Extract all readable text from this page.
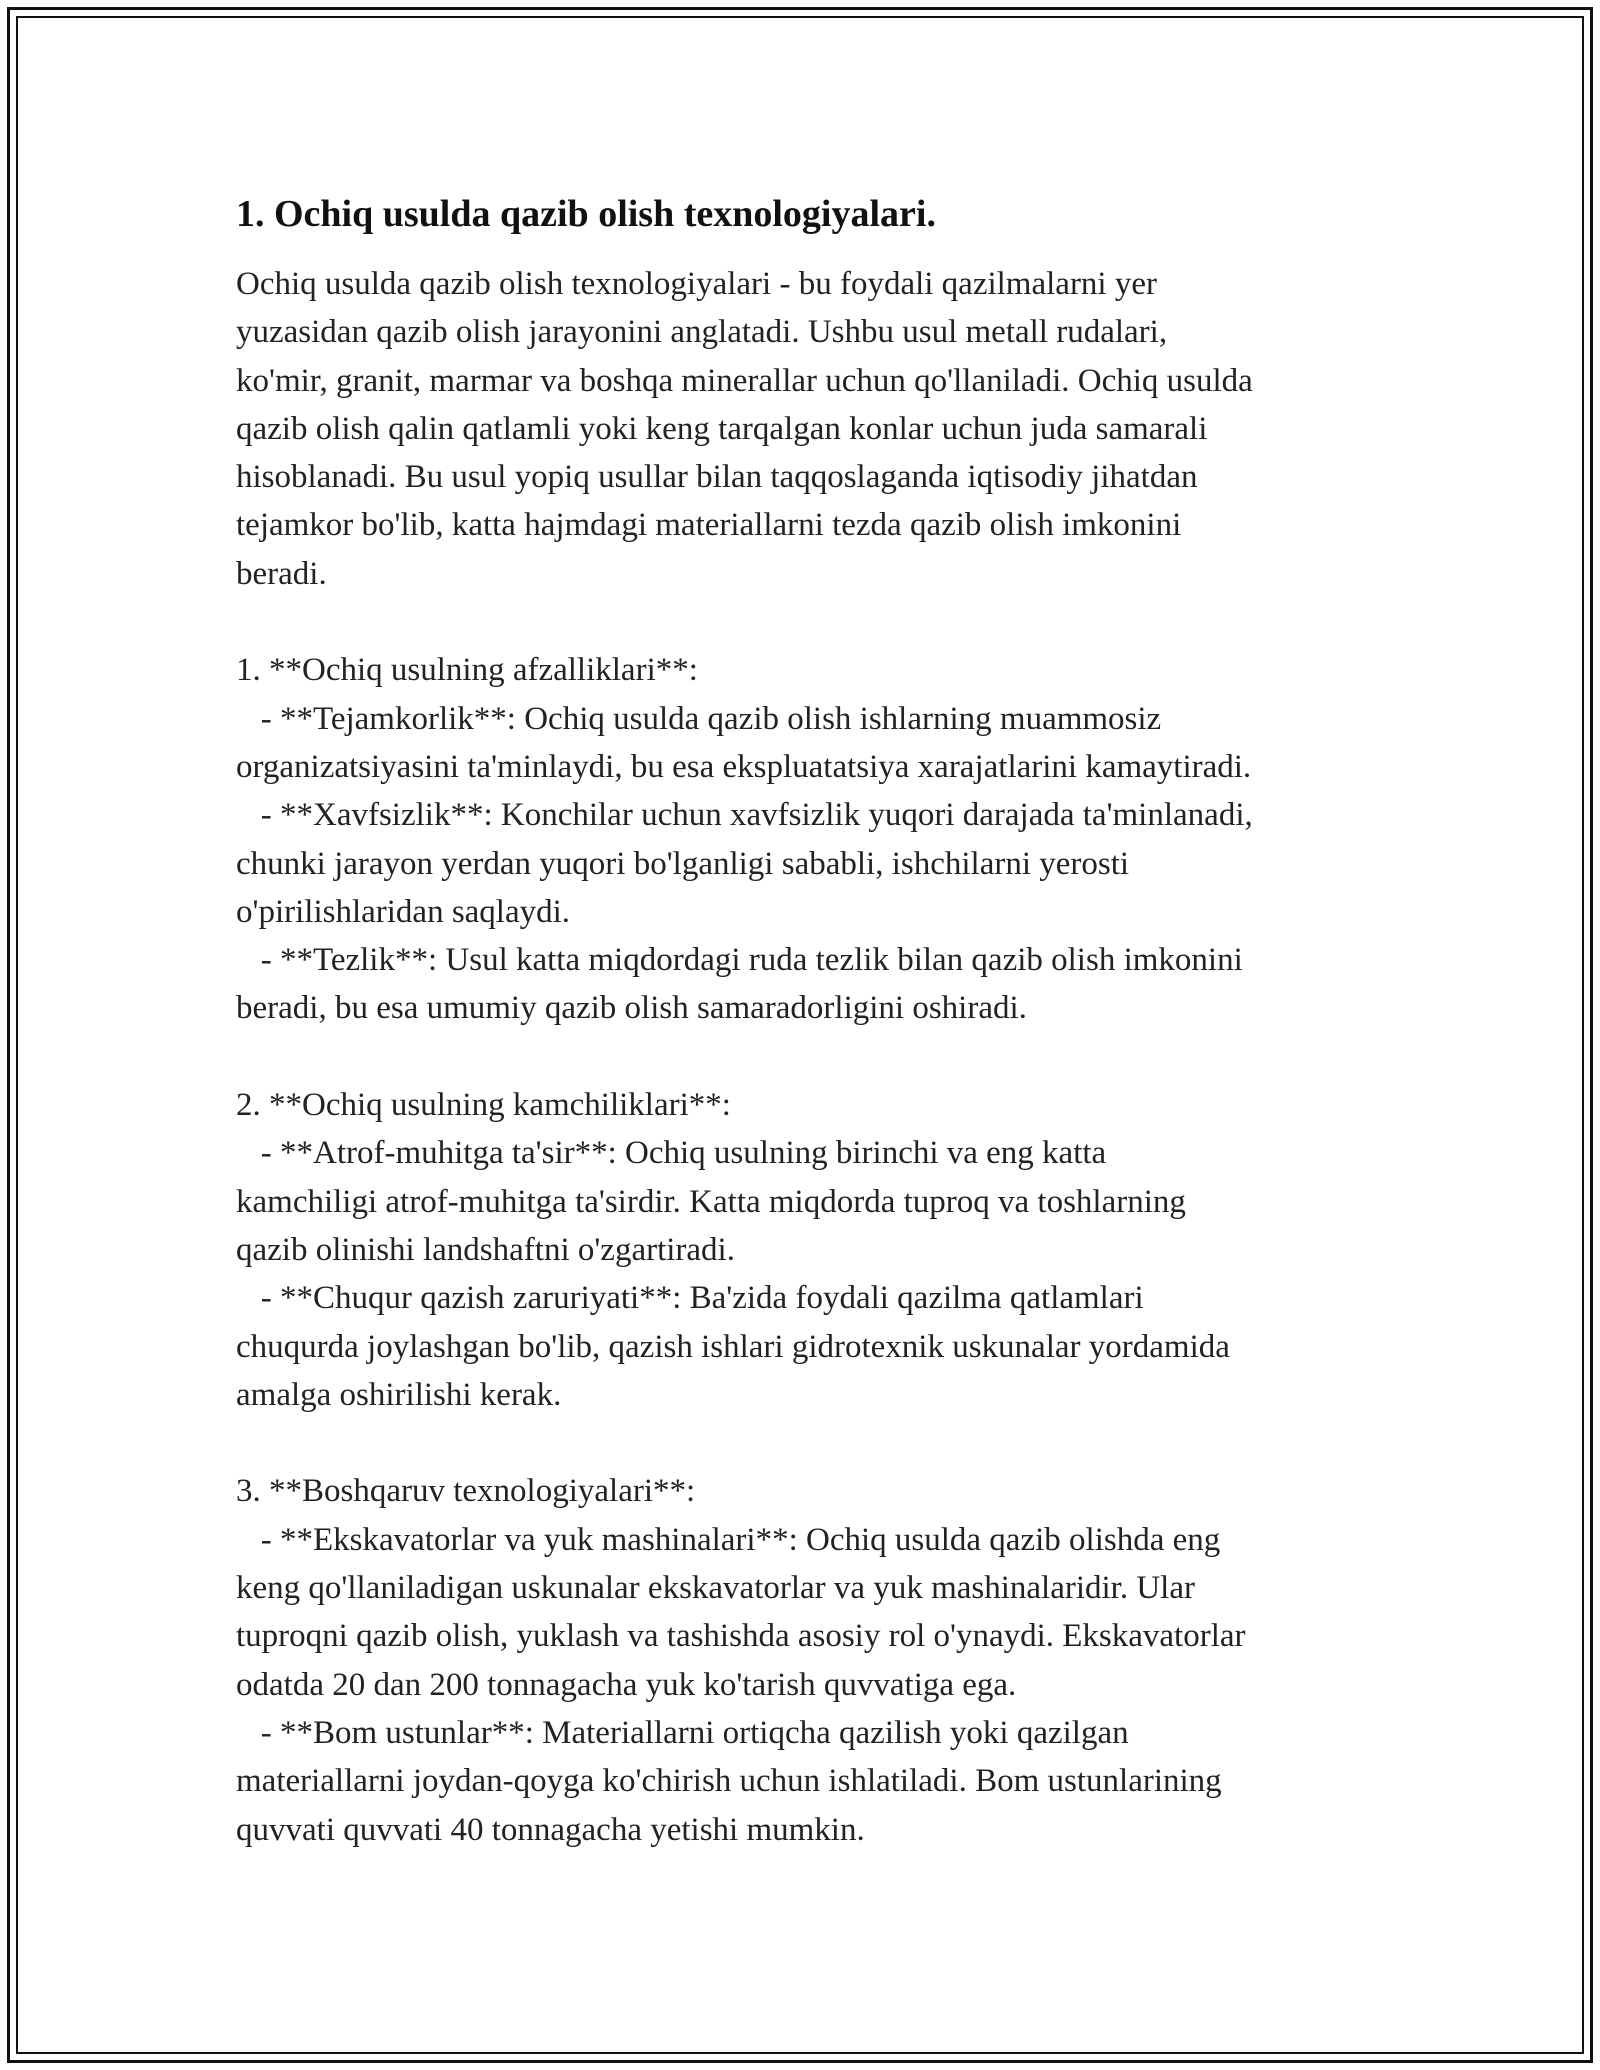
1. Ochiq usulda qazib olish texnologiyalari.

Ochiq usulda qazib olish texnologiyalari - bu foydali qazilmalarni yer
yuzasidan qazib olish jarayonini anglatadi. Ushbu usul metall rudalari,
ko'mir, granit, marmar va boshqa minerallar uchun qo'llaniladi. Ochiq usulda
qazib olish qalin qatlamli yoki keng tarqalgan konlar uchun juda samarali
hisoblanadi. Bu usul yopiq usullar bilan taqqoslaganda iqtisodiy jihatdan
tejamkor bo'lib, katta hajmdagi materiallarni tezda qazib olish imkonini
beradi.

1. **Ochiq usulning afzalliklari**:

- **Tejamkorlik**: Ochiq usulda qazib olish ishlarning muammosiz
organizatsiyasini ta'minlaydi, bu esa ekspluatatsiya xarajatlarini kamaytiradi.

- **Xavfsizlik**: Konchilar uchun xavfsizlik yuqori darajada ta'minlanadi,
chunki jarayon yerdan yuqori bo'lganligi sababli, ishchilarni yerosti
o'pirilishlaridan saqlaydi.

- **Tezlik**: Usul katta miqdordagi ruda tezlik bilan qazib olish imkonini
beradi, bu esa umumiy qazib olish samaradorligini oshiradi.

2. **Ochiq usulning kamchiliklari**:

- **Atrof-muhitga ta'sir**: Ochiq usulning birinchi va eng katta
kamchiligi atrof-muhitga ta'sirdir. Katta miqdorda tuproq va toshlarning
qazib olinishi landshaftni o'zgartiradi.

- **Chuqur qazish zaruriyati**: Ba'zida foydali qazilma qatlamlari
chuqurda joylashgan bo'lib, qazish ishlari gidrotexnik uskunalar yordamida
amalga oshirilishi kerak.

3. **Boshqaruv texnologiyalari**:

- **Ekskavatorlar va yuk mashinalari**: Ochiq usulda qazib olishda eng
keng qo'llaniladigan uskunalar ekskavatorlar va yuk mashinalaridir. Ular
tuproqni qazib olish, yuklash va tashishda asosiy rol o'ynaydi. Ekskavatorlar
odatda 20 dan 200 tonnagacha yuk ko'tarish quvvatiga ega.

- **Bom ustunlar**: Materiallarni ortiqcha qazilish yoki qazilgan
materiallarni joydan-qoyga ko'chirish uchun ishlatiladi. Bom ustunlarining
quvvati quvvati 40 tonnagacha yetishi mumkin.
